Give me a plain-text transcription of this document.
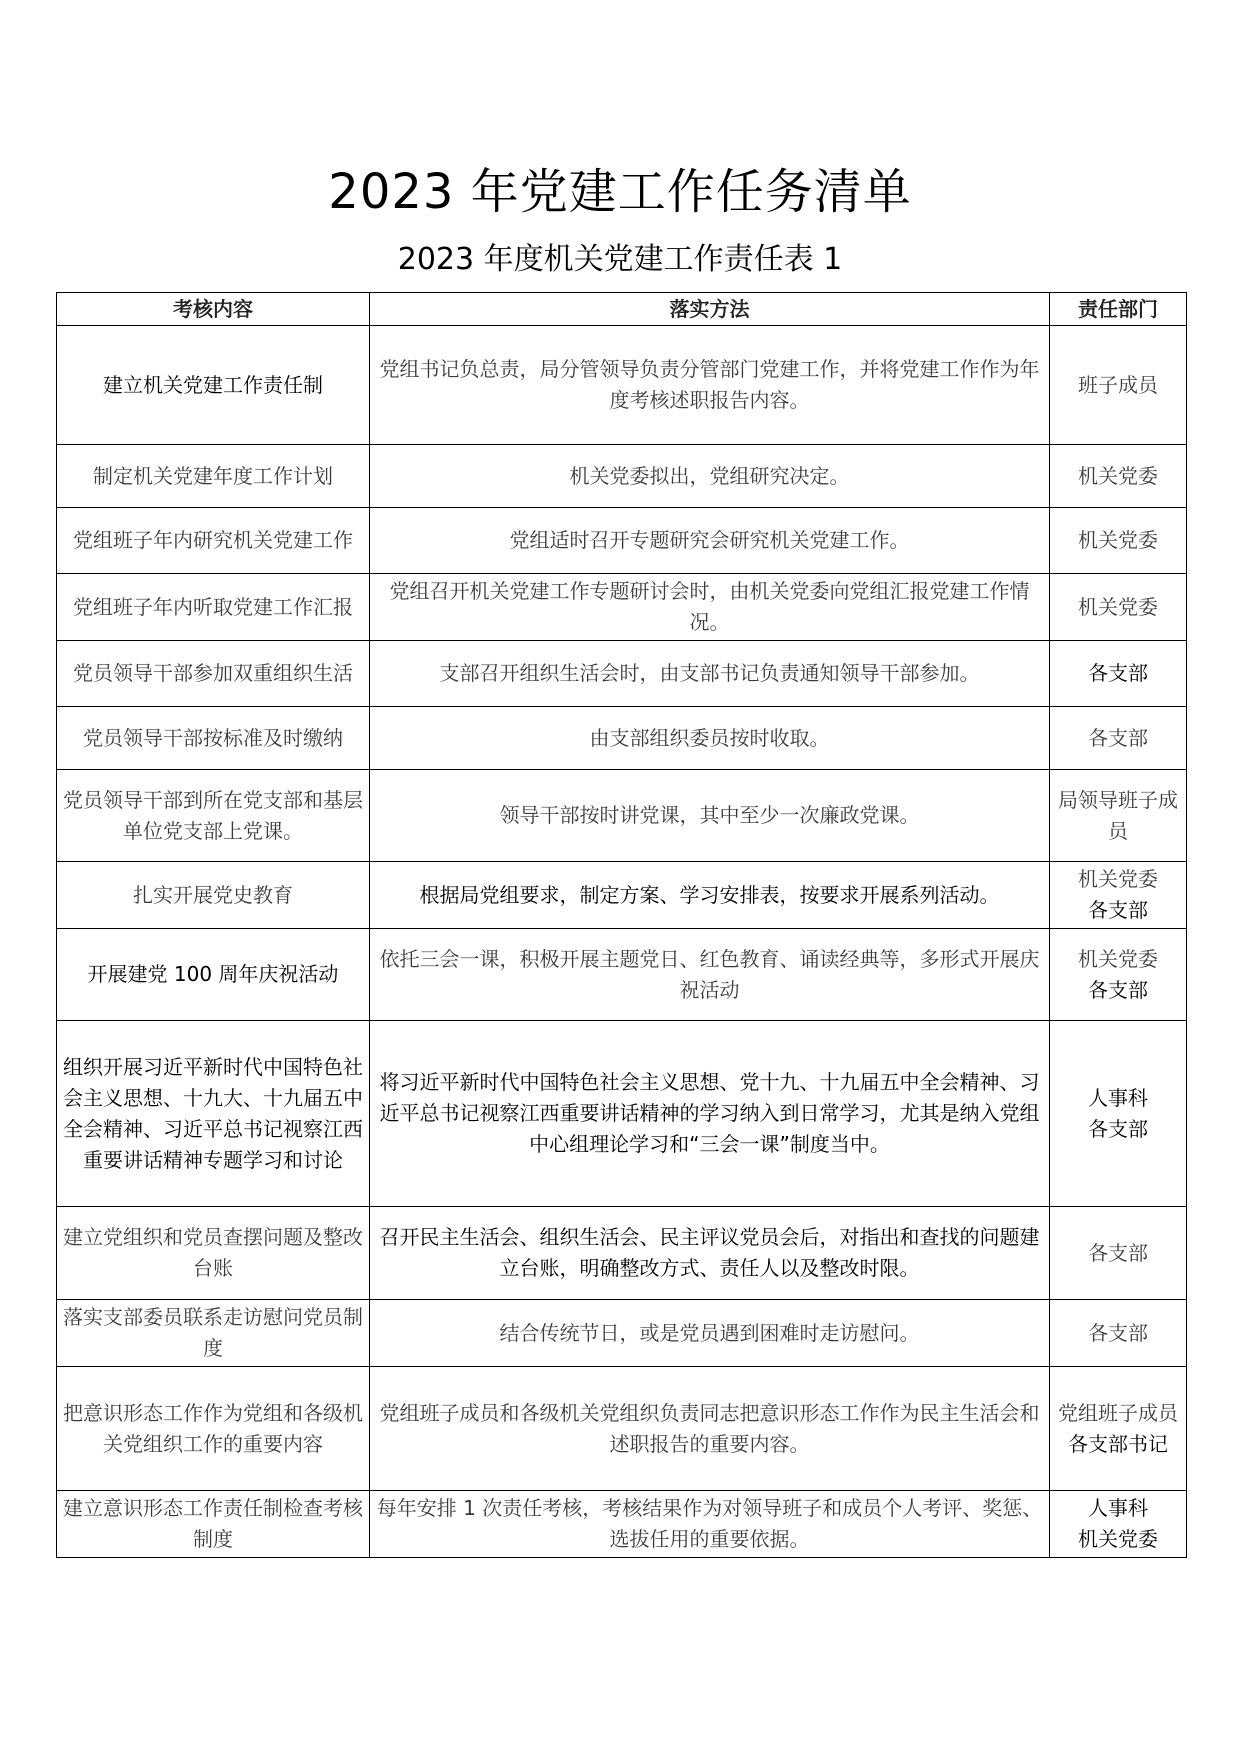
2023 年党建工作任务清单
2023 年度机关党建工作责任表 1
考核内容	落实方法	责任部门
建立机关党建工作责任制	党组书记负总责，局分管领导负责分管部门党建工作，并将党建工作作为年度考核述职报告内容。	班子成员

制定机关党建年度工作计划	机关党委拟出，党组研究决定。	机关党委

党组班子年内研究机关党建工作	党组适时召开专题研究会研究机关党建工作。	机关党委

党组班子年内听取党建工作汇报	党组召开机关党建工作专题研讨会时，由机关党委向党组汇报党建工作情况。	机关党委

党员领导干部参加双重组织生活	支部召开组织生活会时，由支部书记负责通知领导干部参加。	各支部

党员领导干部按标准及时缴纳	由支部组织委员按时收取。	各支部

党员领导干部到所在党支部和基层单位党支部上党课。	领导干部按时讲党课，其中至少一次廉政党课。	局领导班子成员

扎实开展党史教育	根据局党组要求，制定方案、学习安排表，按要求开展系列活动。	机关党委
各支部

开展建党 100 周年庆祝活动	依托三会一课，积极开展主题党日、红色教育、诵读经典等，多形式开展庆祝活动	机关党委
各支部

组织开展习近平新时代中国特色社会主义思想、十九大、十九届五中全会精神、习近平总书记视察江西重要讲话精神专题学习和讨论	将习近平新时代中国特色社会主义思想、党十九、十九届五中全会精神、习近平总书记视察江西重要讲话精神的学习纳入到日常学习，尤其是纳入党组中心组理论学习和“三会一课”制度当中。	人事科
各支部

建立党组织和党员查摆问题及整改台账	召开民主生活会、组织生活会、民主评议党员会后，对指出和查找的问题建立台账，明确整改方式、责任人以及整改时限。	各支部

落实支部委员联系走访慰问党员制度	结合传统节日，或是党员遇到困难时走访慰问。	各支部

把意识形态工作作为党组和各级机关党组织工作的重要内容	党组班子成员和各级机关党组织负责同志把意识形态工作作为民主生活会和述职报告的重要内容。	党组班子成员
各支部书记

建立意识形态工作责任制检查考核制度	每年安排 1 次责任考核，考核结果作为对领导班子和成员个人考评、奖惩、选拔任用的重要依据。	人事科
机关党委
